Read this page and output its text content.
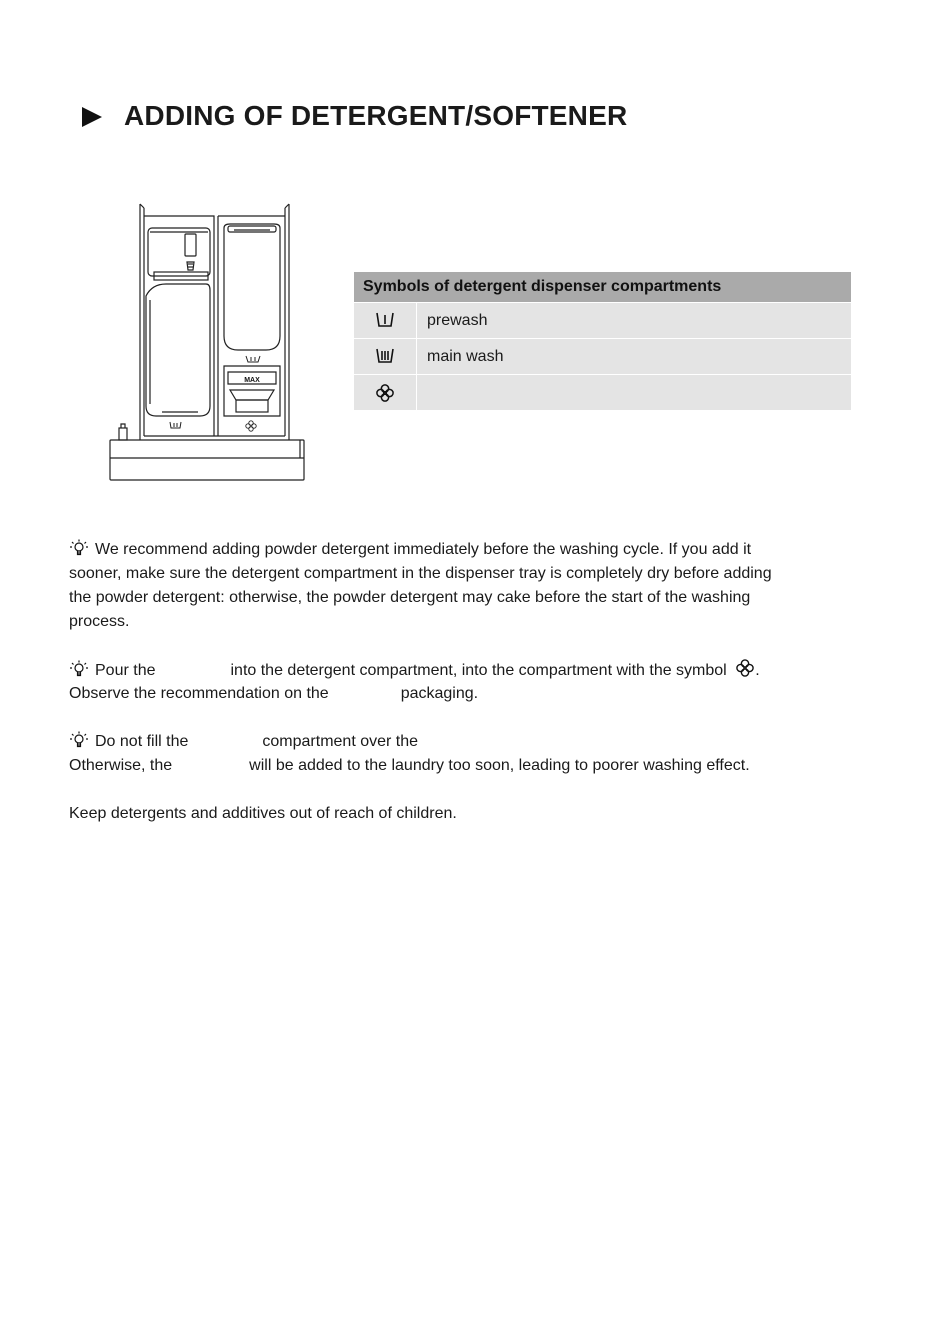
ADDING OF DETERGENT/SOFTENER
MAX
Symbols of detergent dispenser compartments	
	prewash
	main wash

We recommend adding powder detergent immediately before the washing cycle. If you add it
sooner, make sure the detergent compartment in the dispenser tray is completely dry before adding
the powder detergent: otherwise, the powder detergent may cake before the start of the washing
process.
Pour the	into the detergent compartment, into the compartment with the symbol .
Observe the recommendation on the	packaging.
Do not fill the	compartment over the
Otherwise, the	will be added to the laundry too soon, leading to poorer washing effect.
Keep detergents and additives out of reach of children.
